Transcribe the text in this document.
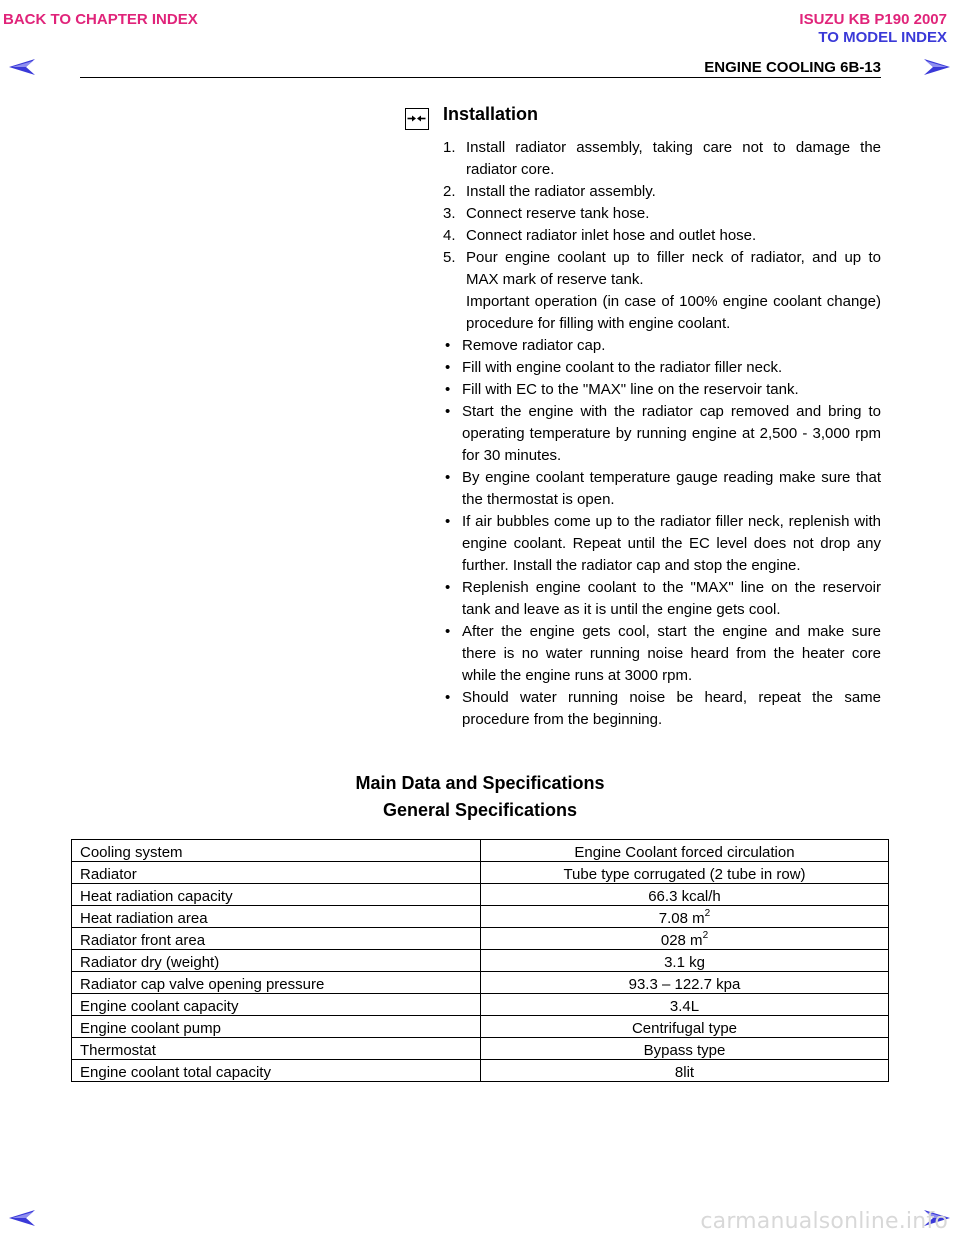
BACK TO CHAPTER INDEX	ISUZU KB P190 2007
TO MODEL INDEX
ENGINE COOLING 6B-13
Installation
1. Install radiator assembly, taking care not to damage the radiator core.
2. Install the radiator assembly.
3. Connect reserve tank hose.
4. Connect radiator inlet hose and outlet hose.
5. Pour engine coolant up to filler neck of radiator, and up to MAX mark of reserve tank.
Important operation (in case of 100% engine coolant change) procedure for filling with engine coolant.
• Remove radiator cap.
• Fill with engine coolant to the radiator filler neck.
• Fill with EC to the "MAX" line on the reservoir tank.
• Start the engine with the radiator cap removed and bring to operating temperature by running engine at 2,500 - 3,000 rpm for 30 minutes.
• By engine coolant temperature gauge reading make sure that the thermostat is open.
• If air bubbles come up to the radiator filler neck, replenish with engine coolant. Repeat until the EC level does not drop any further. Install the radiator cap and stop the engine.
• Replenish engine coolant to the "MAX" line on the reservoir tank and leave as it is until the engine gets cool.
• After the engine gets cool, start the engine and make sure there is no water running noise heard from the heater core while the engine runs at 3000 rpm.
• Should water running noise be heard, repeat the same procedure from the beginning.
Main Data and Specifications
General Specifications
Cooling system	Engine Coolant forced circulation
Radiator	Tube type corrugated (2 tube in row)
Heat radiation capacity	66.3 kcal/h
Heat radiation area	7.08 $m^2$
Radiator front area	028 $m^2$
Radiator dry (weight)	3.1 kg
Radiator cap valve opening pressure	93.3 – 122.7 kpa
Engine coolant capacity	3.4L
Engine coolant pump	Centrifugal type
Thermostat	Bypass type
Engine coolant total capacity	8lit
carmanualsonline.info
